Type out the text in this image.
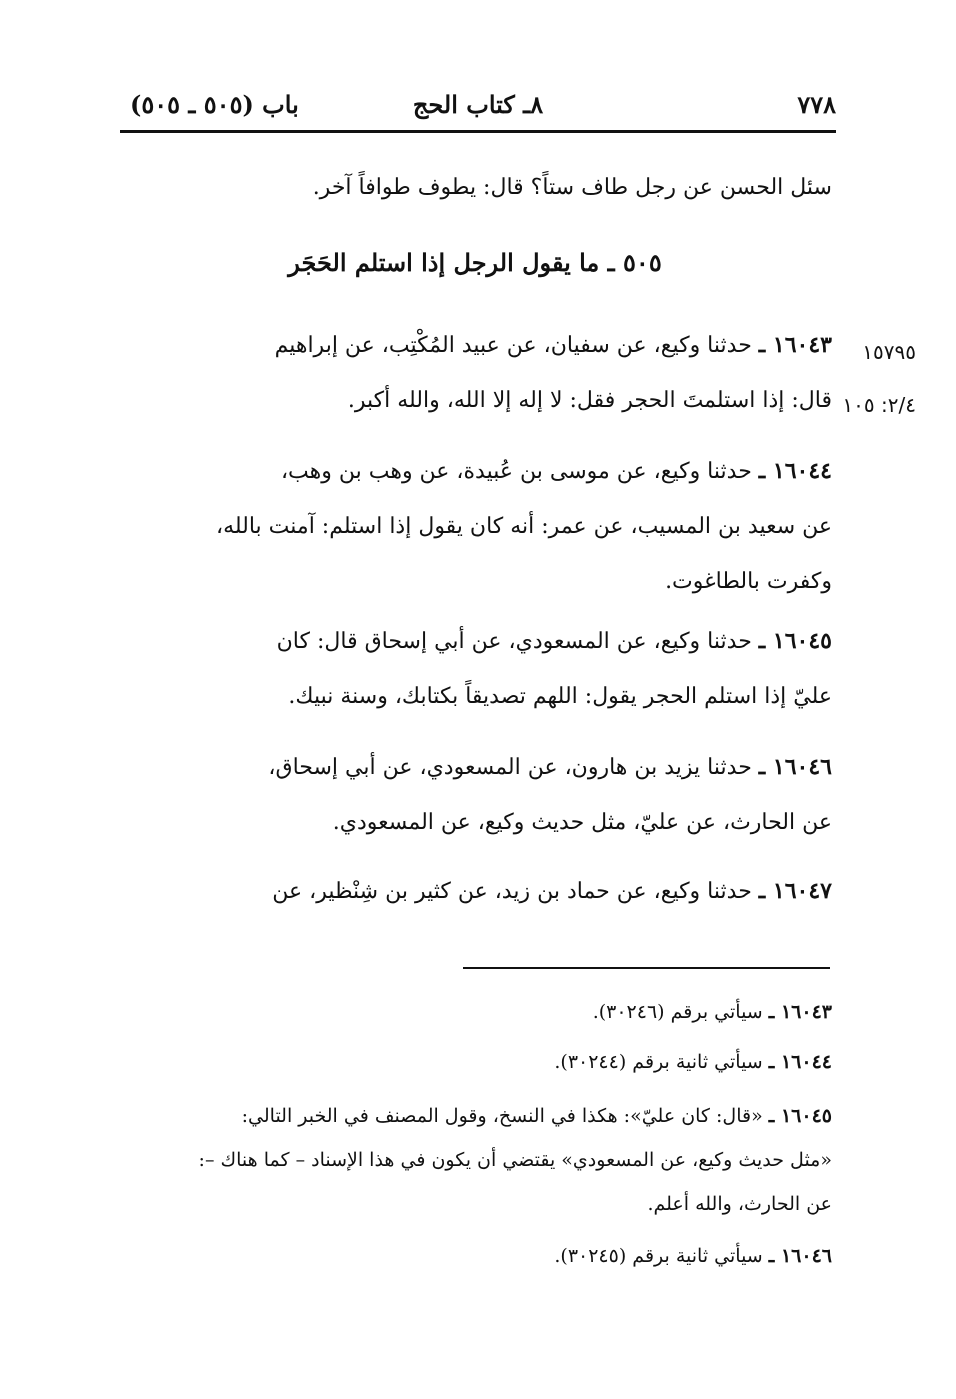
٧٧٨
٨ـ كتاب الحج
باب (٥٠٥ ـ ٥٠٥)
سئل الحسن عن رجل طاف ستاً؟ قال: يطوف طوافاً آخر.
٥٠٥ ـ ما يقول الرجل إذا استلم الحَجَر
١٥٧٩٥
٢/٤: ١٠٥
١٦٠٤٣ ـ حدثنا وكيع، عن سفيان، عن عبيد المُكْتِب، عن إبراهيم
قال: إذا استلمتَ الحجر فقل: لا إله إلا الله، والله أكبر.
١٦٠٤٤ ـ حدثنا وكيع، عن موسى بن عُبيدة، عن وهب بن وهب،
عن سعيد بن المسيب، عن عمر: أنه كان يقول إذا استلم: آمنت بالله،
وكفرت بالطاغوت.
١٦٠٤٥ ـ حدثنا وكيع، عن المسعودي، عن أبي إسحاق قال: كان
عليّ إذا استلم الحجر يقول: اللهم تصديقاً بكتابك، وسنة نبيك.
١٦٠٤٦ ـ حدثنا يزيد بن هارون، عن المسعودي، عن أبي إسحاق،
عن الحارث، عن عليّ، مثل حديث وكيع، عن المسعودي.
١٦٠٤٧ ـ حدثنا وكيع، عن حماد بن زيد، عن كثير بن شِنْظير، عن
١٦٠٤٣ ـ سيأتي برقم (٣٠٢٤٦).
١٦٠٤٤ ـ سيأتي ثانية برقم (٣٠٢٤٤).
١٦٠٤٥ ـ «قال: كان عليّ»: هكذا في النسخ، وقول المصنف في الخبر التالي:
«مثل حديث وكيع، عن المسعودي» يقتضي أن يكون في هذا الإسناد – كما هناك –:
عن الحارث، والله أعلم.
١٦٠٤٦ ـ سيأتي ثانية برقم (٣٠٢٤٥).
